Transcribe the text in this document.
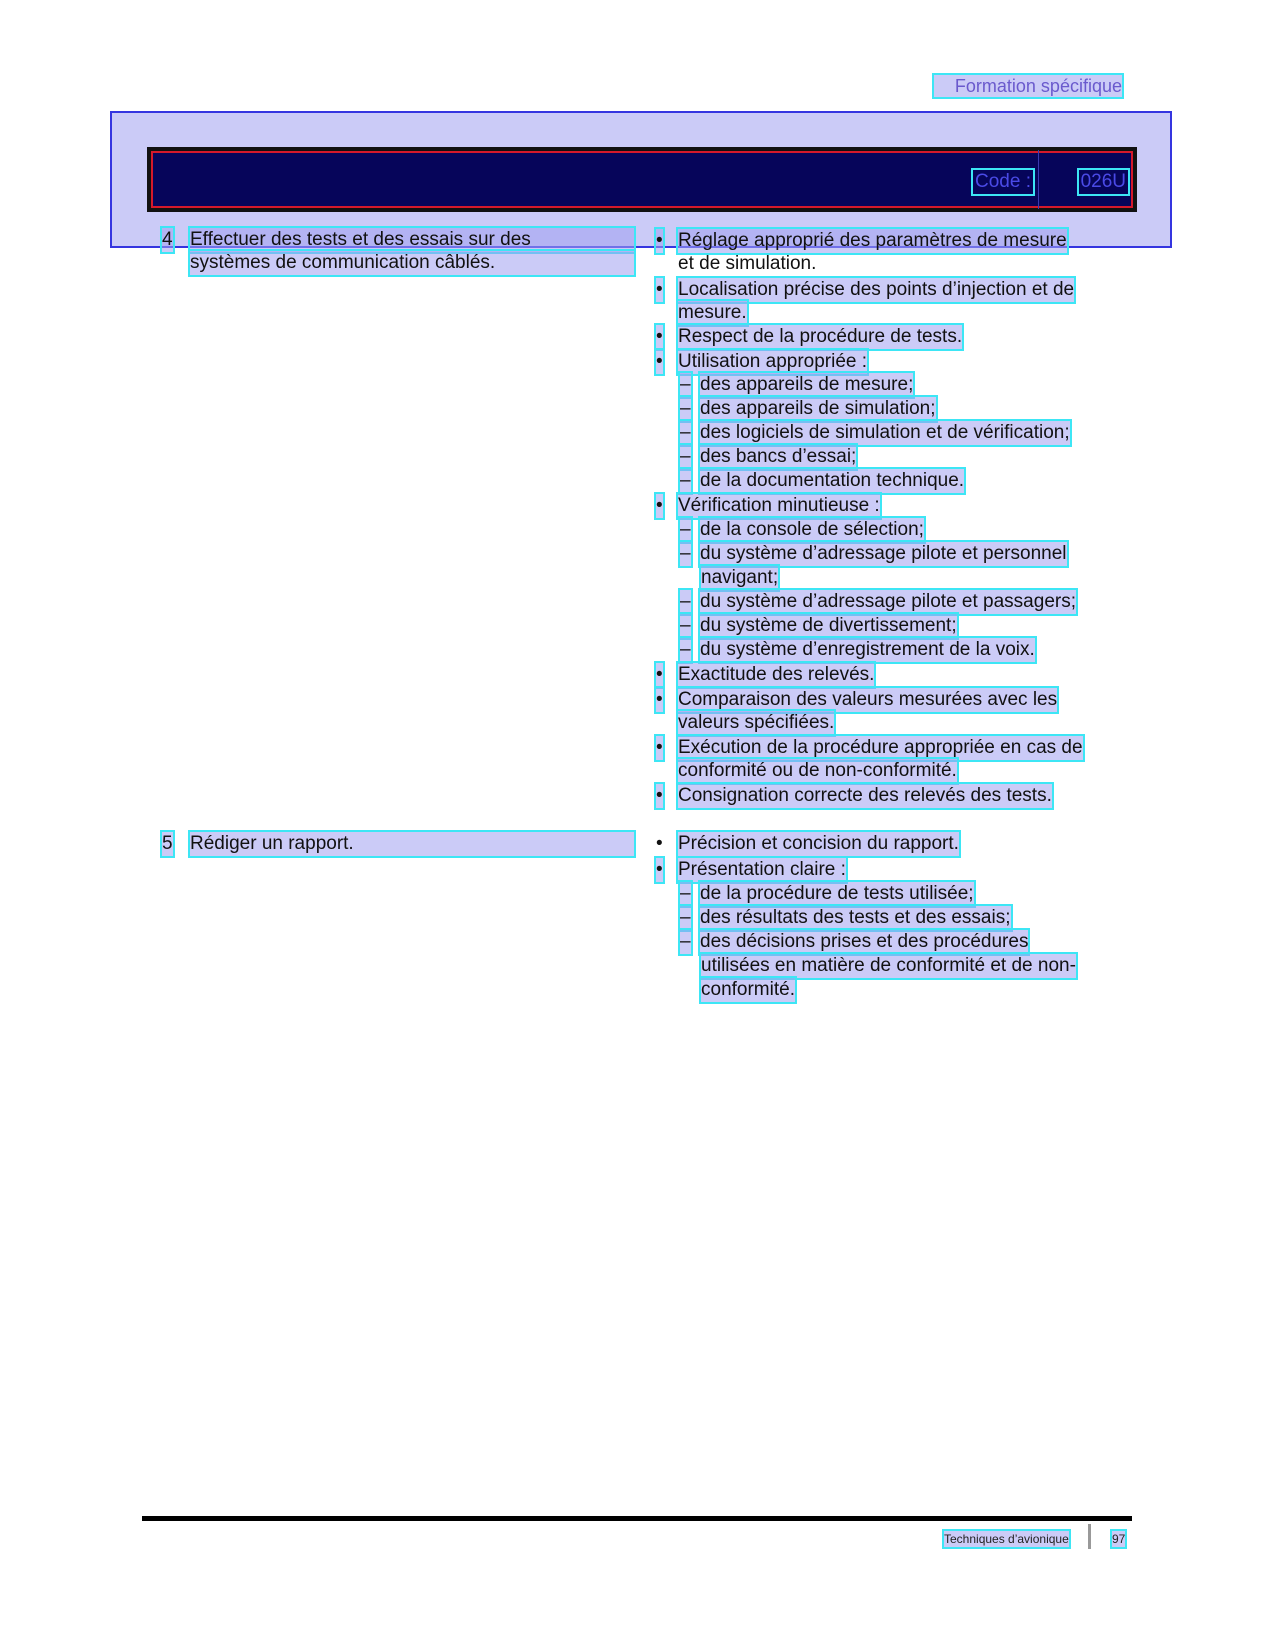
Formation spécifique
Code :	026U
4 Effectuer des tests et des essais sur des
systèmes de communication câblés.
5 Rédiger un rapport.
• Réglage approprié des paramètres de mesure
et de simulation.
• Localisation précise des points d’injection et de
mesure.
• Respect de la procédure de tests.
• Utilisation appropriée :
– des appareils de mesure;
– des appareils de simulation;
– des logiciels de simulation et de vérification;
– des bancs d’essai;
– de la documentation technique.
• Vérification minutieuse :
– de la console de sélection;
– du système d’adressage pilote et personnel
navigant;
– du système d’adressage pilote et passagers;
– du système de divertissement;
– du système d’enregistrement de la voix.
• Exactitude des relevés.
• Comparaison des valeurs mesurées avec les
valeurs spécifiées.
• Exécution de la procédure appropriée en cas de
conformité ou de non-conformité.
• Consignation correcte des relevés des tests.
• Précision et concision du rapport.
• Présentation claire :
– de la procédure de tests utilisée;
– des résultats des tests et des essais;
– des décisions prises et des procédures
utilisées en matière de conformité et de non-
conformité.
Techniques d’avionique	97
